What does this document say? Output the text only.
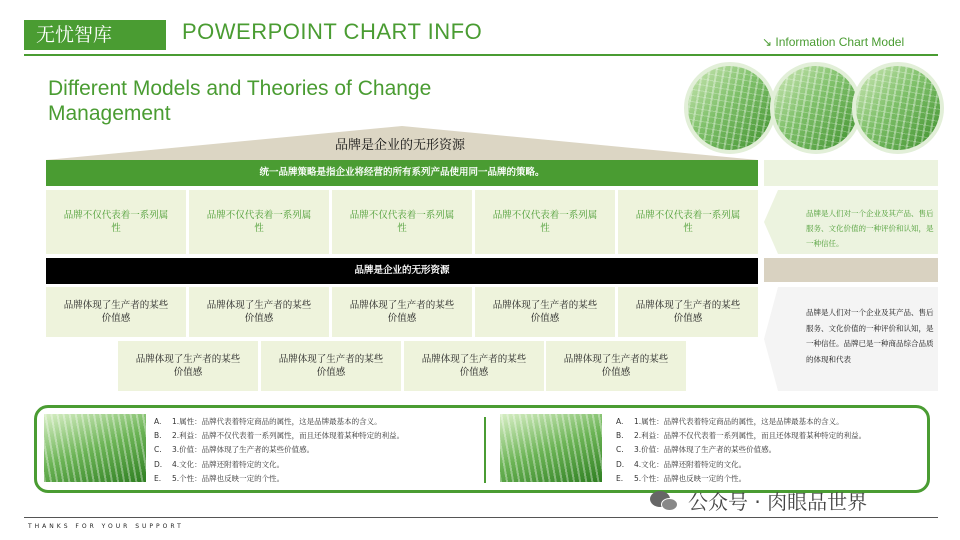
无忧智库	POWERPOINT CHART INFO	↘ Information Chart Model
Different Models and Theories of Change Management
品牌是企业的无形资源
统一品牌策略是指企业将经营的所有系列产品使用同一品牌的策略。
品牌不仅代表着一系列属性
品牌不仅代表着一系列属性
品牌不仅代表着一系列属性
品牌不仅代表着一系列属性
品牌不仅代表着一系列属性
品牌是企业的无形资源
品牌体现了生产者的某些价值感
品牌体现了生产者的某些价值感
品牌体现了生产者的某些价值感
品牌体现了生产者的某些价值感
品牌体现了生产者的某些价值感
品牌体现了生产者的某些价值感
品牌体现了生产者的某些价值感
品牌体现了生产者的某些价值感
品牌体现了生产者的某些价值感
品牌是人们对一个企业及其产品、售后服务、文化价值的一种评价和认知，是一种信任。
品牌是人们对一个企业及其产品、售后服务、文化价值的一种评价和认知，是一种信任。品牌已是一种商品综合品质的体现和代表
A.	1.属性：品牌代表着特定商品的属性，这是品牌最基本的含义。
B.	2.利益：品牌不仅代表着一系列属性，而且还体现着某种特定的利益。
C.	3.价值：品牌体现了生产者的某些价值感。
D.	4.文化：品牌还附着特定的文化。
E.	5.个性：品牌也反映一定的个性。
A.	1.属性：品牌代表着特定商品的属性，这是品牌最基本的含义。
B.	2.利益：品牌不仅代表着一系列属性，而且还体现着某种特定的利益。
C.	3.价值：品牌体现了生产者的某些价值感。
D.	4.文化：品牌还附着特定的文化。
E.	5.个性：品牌也反映一定的个性。
公众号 · 肉眼品世界
THANKS FOR YOUR SUPPORT
